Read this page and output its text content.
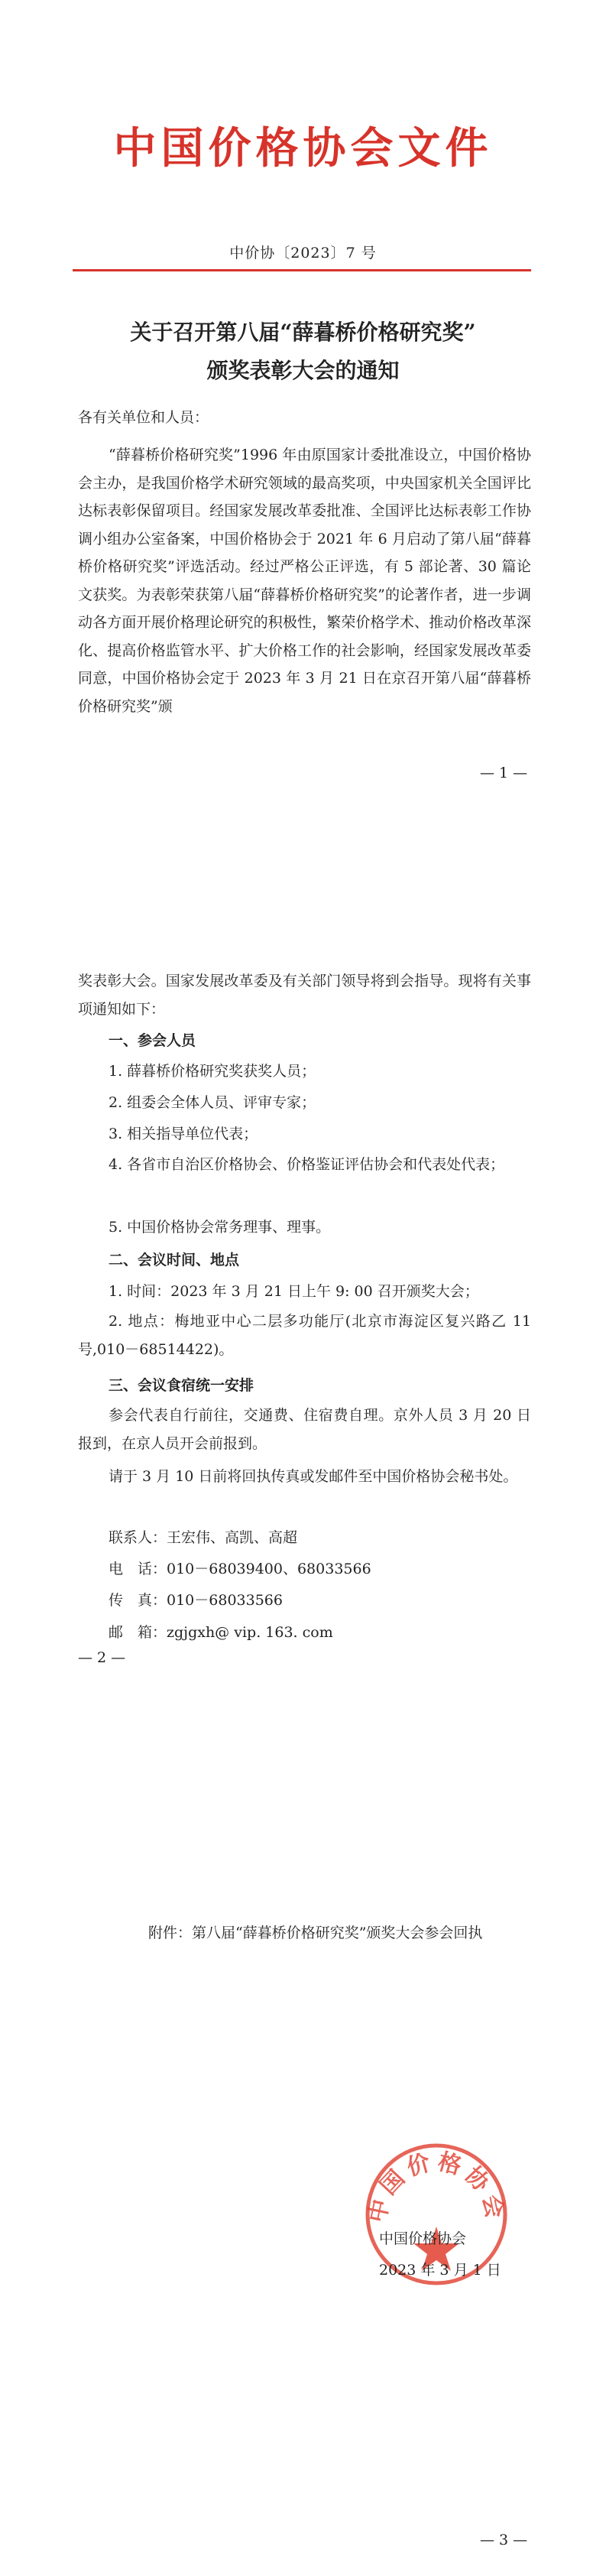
中国价格协会文件
中价协〔2023〕7 号
关于召开第八届“薛暮桥价格研究奖”
颁奖表彰大会的通知
各有关单位和人员：
“薛暮桥价格研究奖”1996 年由原国家计委批准设立，中国价格协会主办，是我国价格学术研究领域的最高奖项，中央国家机关全国评比达标表彰保留项目。经国家发展改革委批准、全国评比达标表彰工作协调小组办公室备案，中国价格协会于 2021 年 6 月启动了第八届“薛暮桥价格研究奖”评选活动。经过严格公正评选，有 5 部论著、30 篇论文获奖。为表彰荣获第八届“薛暮桥价格研究奖”的论著作者，进一步调动各方面开展价格理论研究的积极性，繁荣价格学术、推动价格改革深化、提高价格监管水平、扩大价格工作的社会影响，经国家发展改革委同意，中国价格协会定于 2023 年 3 月 21 日在京召开第八届“薛暮桥价格研究奖”颁
— 1 —
奖表彰大会。国家发展改革委及有关部门领导将到会指导。现将有关事项通知如下：
一、参会人员
1. 薛暮桥价格研究奖获奖人员；
2. 组委会全体人员、评审专家；
3. 相关指导单位代表；
4. 各省市自治区价格协会、价格鉴证评估协会和代表处代表；
5. 中国价格协会常务理事、理事。
二、会议时间、地点
1. 时间：2023 年 3 月 21 日上午 9: 00 召开颁奖大会；
2. 地点：梅地亚中心二层多功能厅(北京市海淀区复兴路乙 11 号,010－68514422)。
三、会议食宿统一安排
参会代表自行前往，交通费、住宿费自理。京外人员 3 月 20 日报到，在京人员开会前报到。
请于 3 月 10 日前将回执传真或发邮件至中国价格协会秘书处。
联系人：王宏伟、高凯、高超
电　话：010－68039400、68033566
传　真：010－68033566
邮　箱：zgjgxh@ vip. 163. com
— 2 —
附件：第八届“薛暮桥价格研究奖”颁奖大会参会回执
中国价格协会
中国价格协会
2023 年 3 月 1 日
— 3 —
